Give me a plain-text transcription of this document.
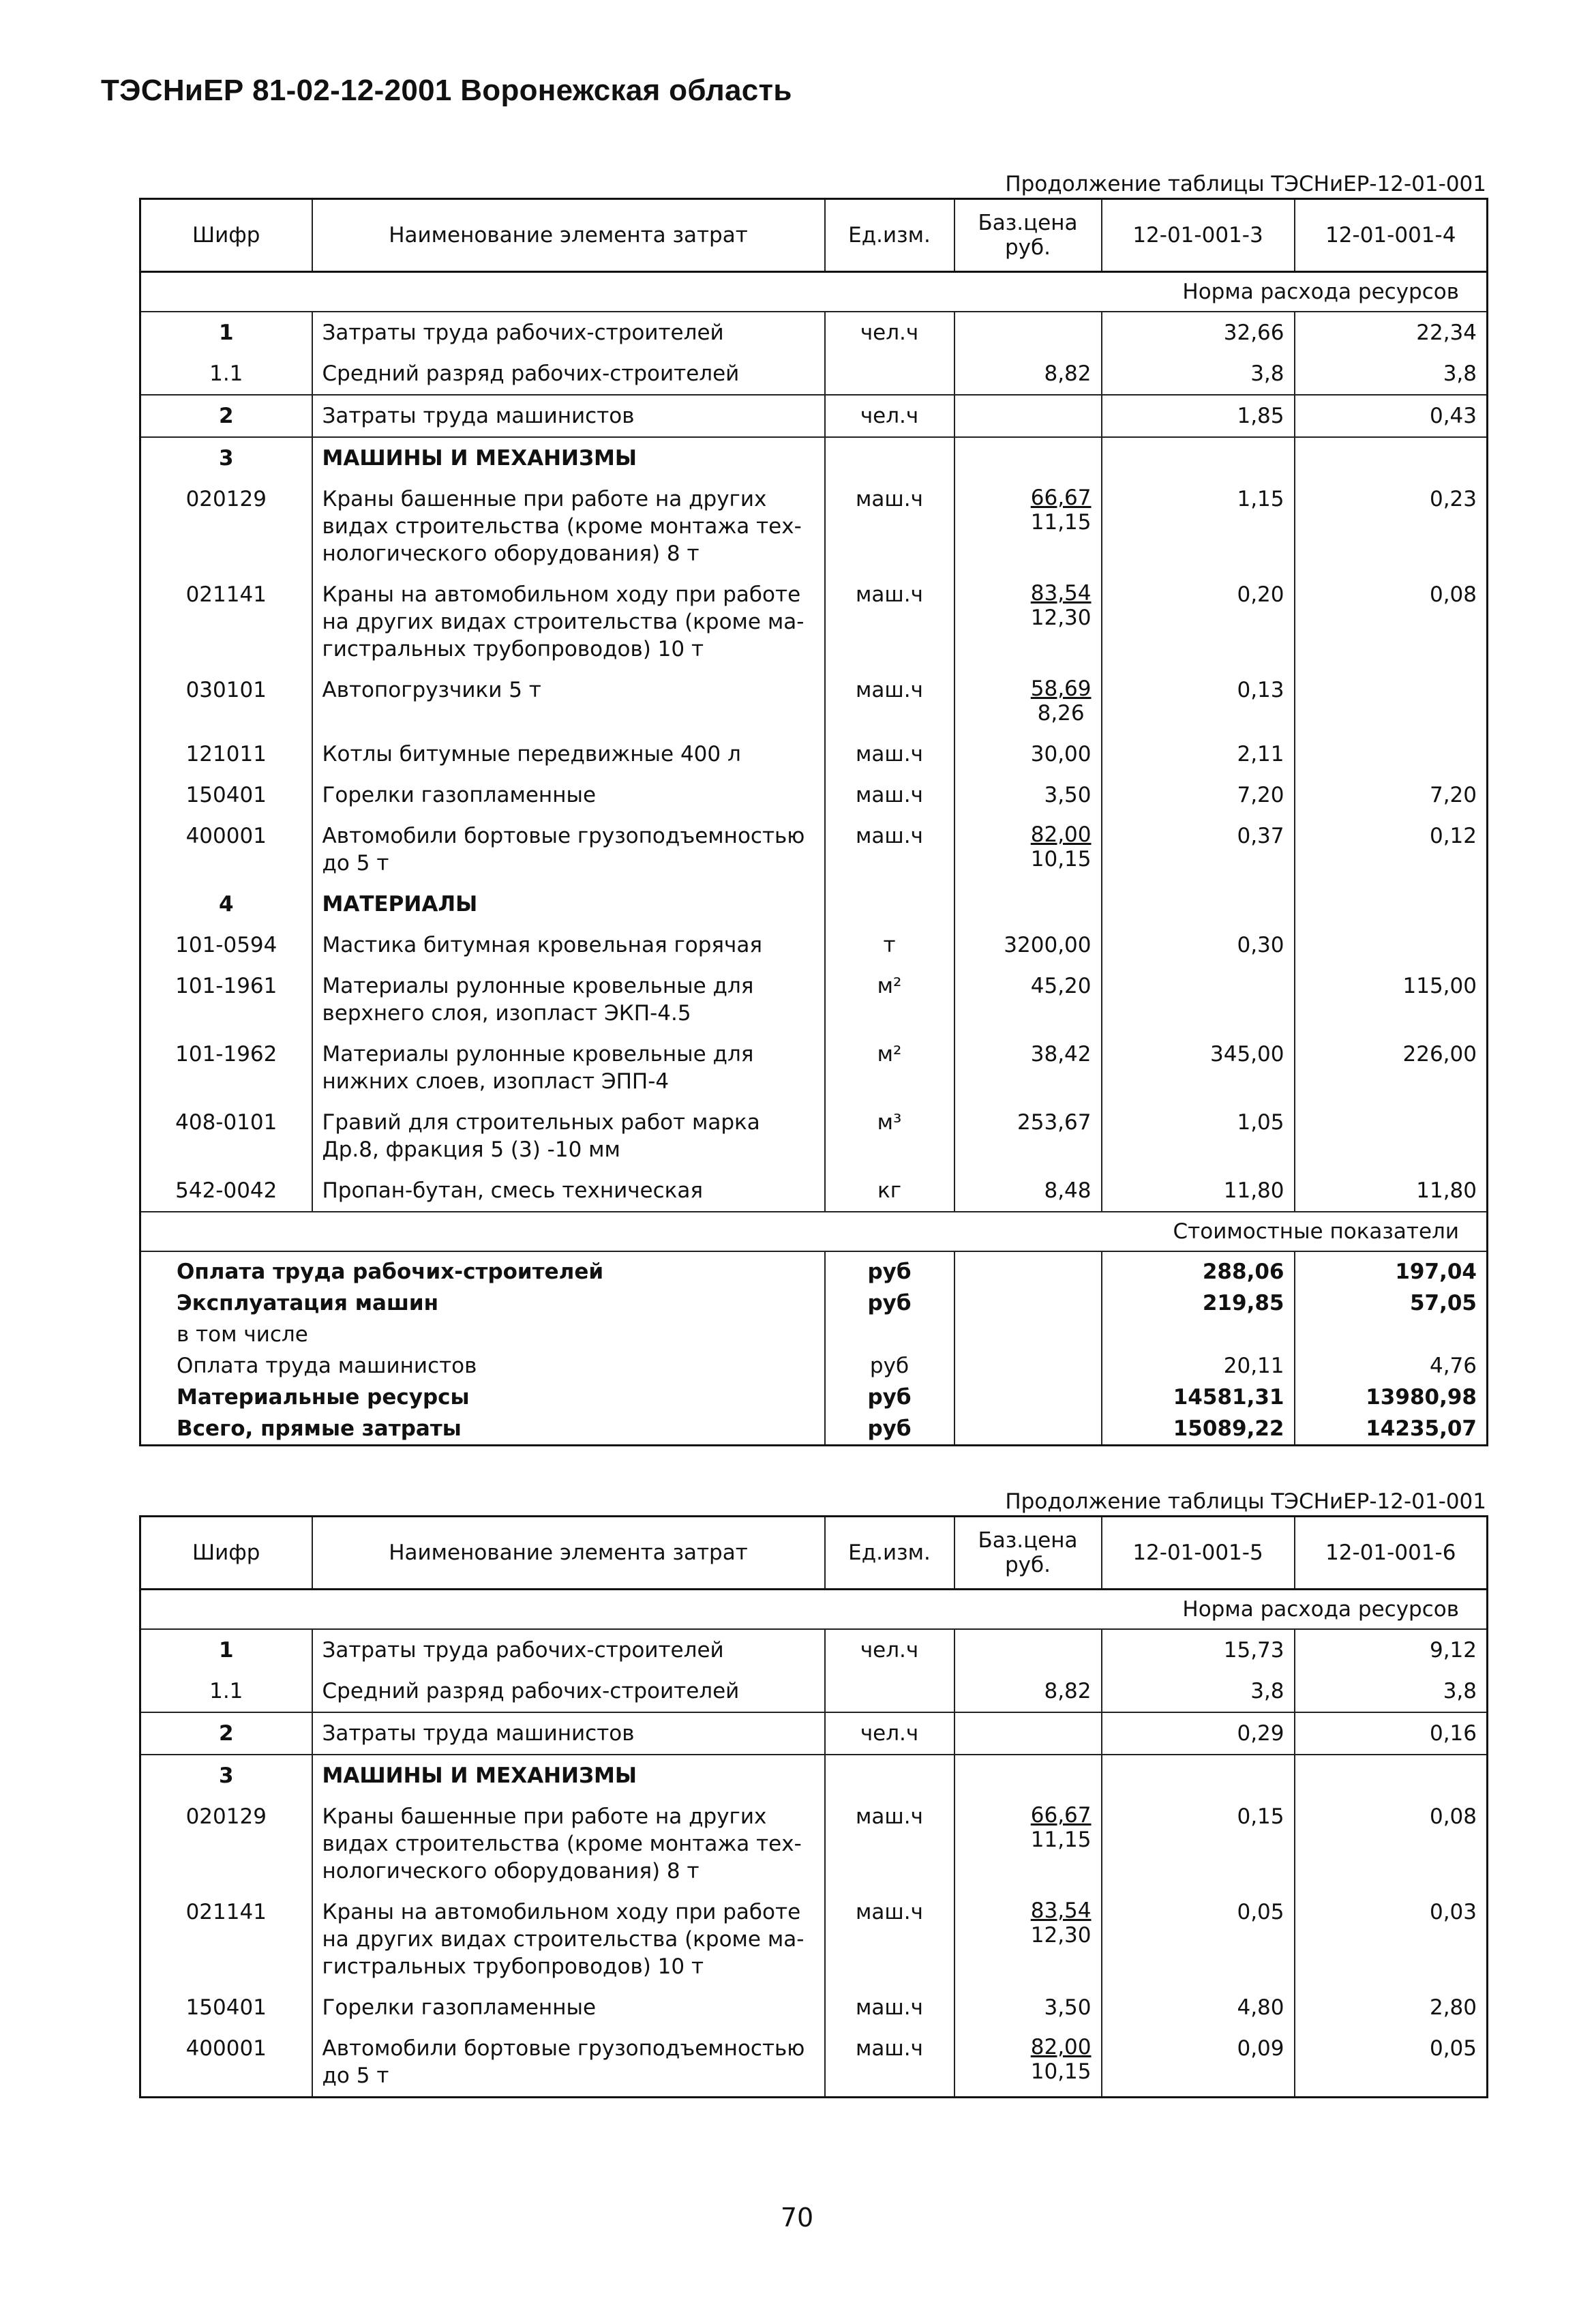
ТЭСНиЕР 81-02-12-2001 Воронежская область
Продолжение таблицы ТЭСНиЕР-12-01-001
Шифр	Наименование элемента затрат	Ед.изм.	Баз.цена руб.	12-01-001-3	12-01-001-4
Норма расхода ресурсов					
1	Затраты труда рабочих-строителей	чел.ч		32,66	22,34
1.1	Средний разряд рабочих-строителей		8,82	3,8	3,8
2	Затраты труда машинистов	чел.ч		1,85	0,43
3	МАШИНЫ И МЕХАНИЗМЫ				
020129	Краны башенные при работе на других видах строительства (кроме монтажа тех-нологического оборудования) 8 т	маш.ч	$\frac{66,67}{11,15}$	1,15	0,23
021141	Краны на автомобильном ходу при работе на других видах строительства (кроме ма-гистральных трубопроводов) 10 т	маш.ч	$\frac{83,54}{12,30}$	0,20	0,08
030101	Автопогрузчики 5 т	маш.ч	$\frac{58,69}{8,26}$	0,13	
121011	Котлы битумные передвижные 400 л	маш.ч	30,00	2,11	
150401	Горелки газопламенные	маш.ч	3,50	7,20	7,20
400001	Автомобили бортовые грузоподъемностью до 5 т	маш.ч	$\frac{82,00}{10,15}$	0,37	0,12
4	МАТЕРИАЛЫ				
101-0594	Мастика битумная кровельная горячая	т	3200,00	0,30	
101-1961	Материалы рулонные кровельные для верхнего слоя, изопласт ЭКП-4.5	м²	45,20		115,00
101-1962	Материалы рулонные кровельные для нижних слоев, изопласт ЭПП-4	м²	38,42	345,00	226,00
408-0101	Гравий для строительных работ марка Др.8, фракция 5 (3) -10 мм	м³	253,67	1,05	
542-0042	Пропан-бутан, смесь техническая	кг	8,48	11,80	11,80
Стоимостные показатели					
Оплата труда рабочих-строителей		руб		288,06	197,04
Эксплуатация машин		руб		219,85	57,05
в том числе					
Оплата труда машинистов		руб		20,11	4,76
Материальные ресурсы		руб		14581,31	13980,98
Всего, прямые затраты		руб		15089,22	14235,07
Продолжение таблицы ТЭСНиЕР-12-01-001
Шифр	Наименование элемента затрат	Ед.изм.	Баз.цена руб.	12-01-001-5	12-01-001-6
Норма расхода ресурсов					
1	Затраты труда рабочих-строителей	чел.ч		15,73	9,12
1.1	Средний разряд рабочих-строителей		8,82	3,8	3,8
2	Затраты труда машинистов	чел.ч		0,29	0,16
3	МАШИНЫ И МЕХАНИЗМЫ				
020129	Краны башенные при работе на других видах строительства (кроме монтажа тех-нологического оборудования) 8 т	маш.ч	$\frac{66,67}{11,15}$	0,15	0,08
021141	Краны на автомобильном ходу при работе на других видах строительства (кроме ма-гистральных трубопроводов) 10 т	маш.ч	$\frac{83,54}{12,30}$	0,05	0,03
150401	Горелки газопламенные	маш.ч	3,50	4,80	2,80
400001	Автомобили бортовые грузоподъемностью до 5 т	маш.ч	$\frac{82,00}{10,15}$	0,09	0,05
70
